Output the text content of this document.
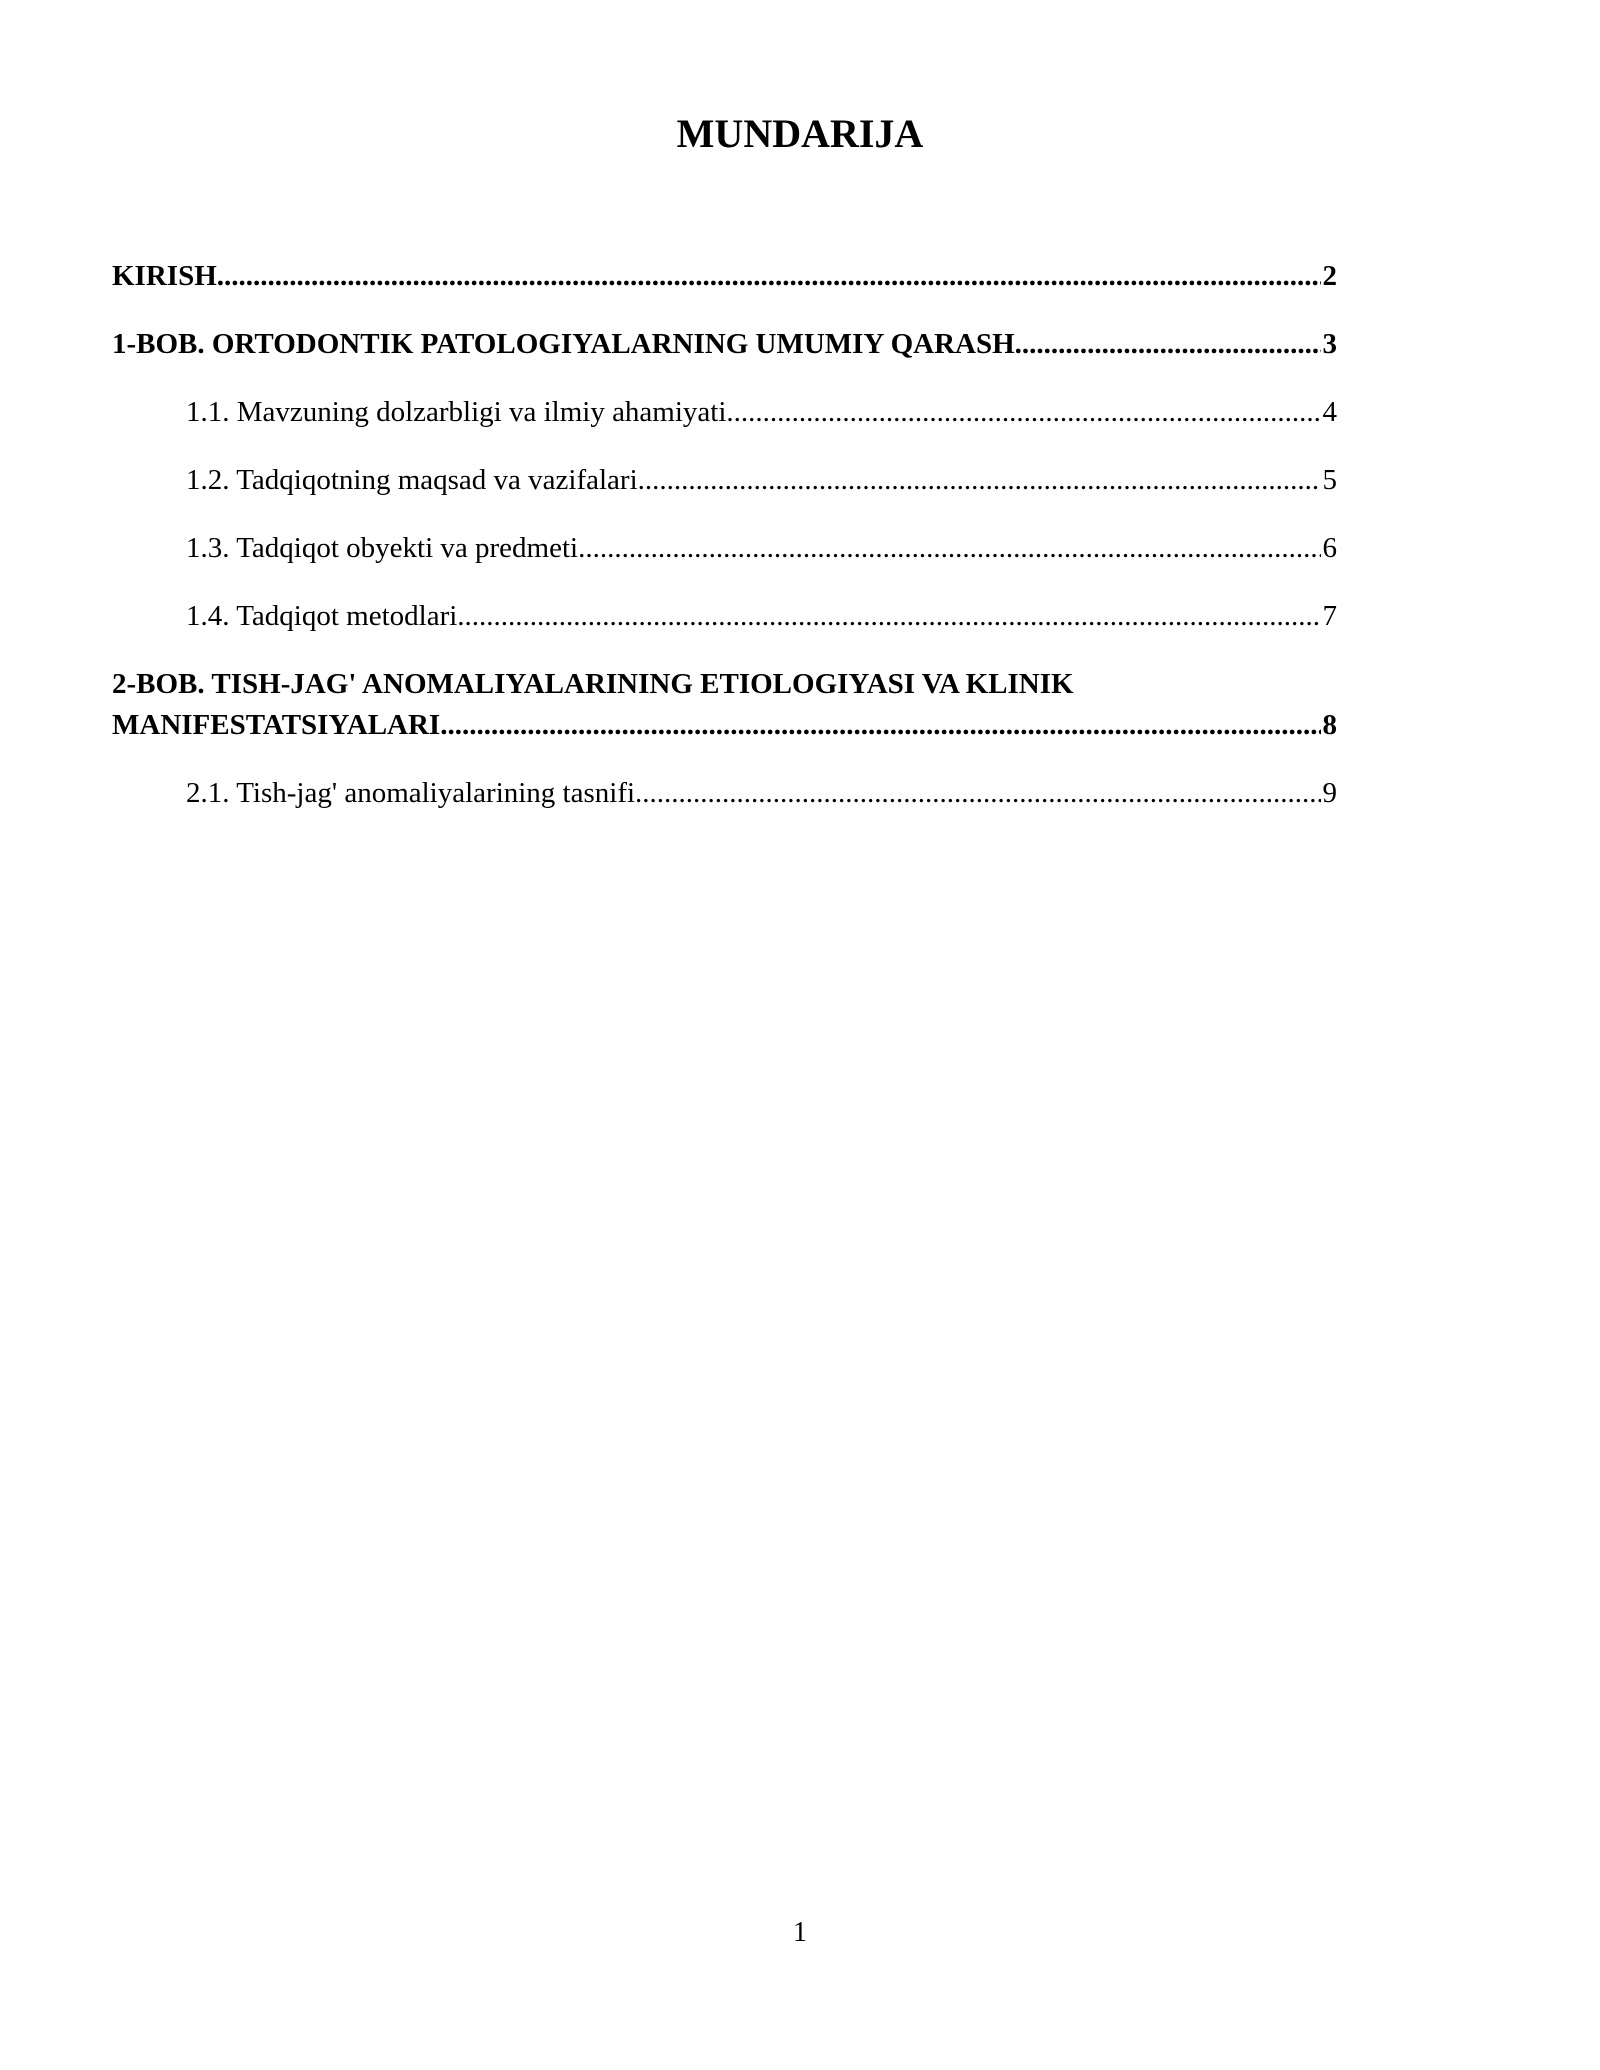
MUNDARIJA
KIRISH .....	2
1-BOB. ORTODONTIK PATOLOGIYALARNING UMUMIY QARASH .....	3
1.1. Mavzuning dolzarbligi va ilmiy ahamiyati .....	4
1.2. Tadqiqotning maqsad va vazifalari .....	5
1.3. Tadqiqot obyekti va predmeti .....	6
1.4. Tadqiqot metodlari .....	7
2-BOB. TISH-JAG' ANOMALIYALARINING ETIOLOGIYASI VA KLINIK
MANIFESTATSIYALARI .....	8
2.1. Tish-jag' anomaliyalarining tasnifi .....	9
1
